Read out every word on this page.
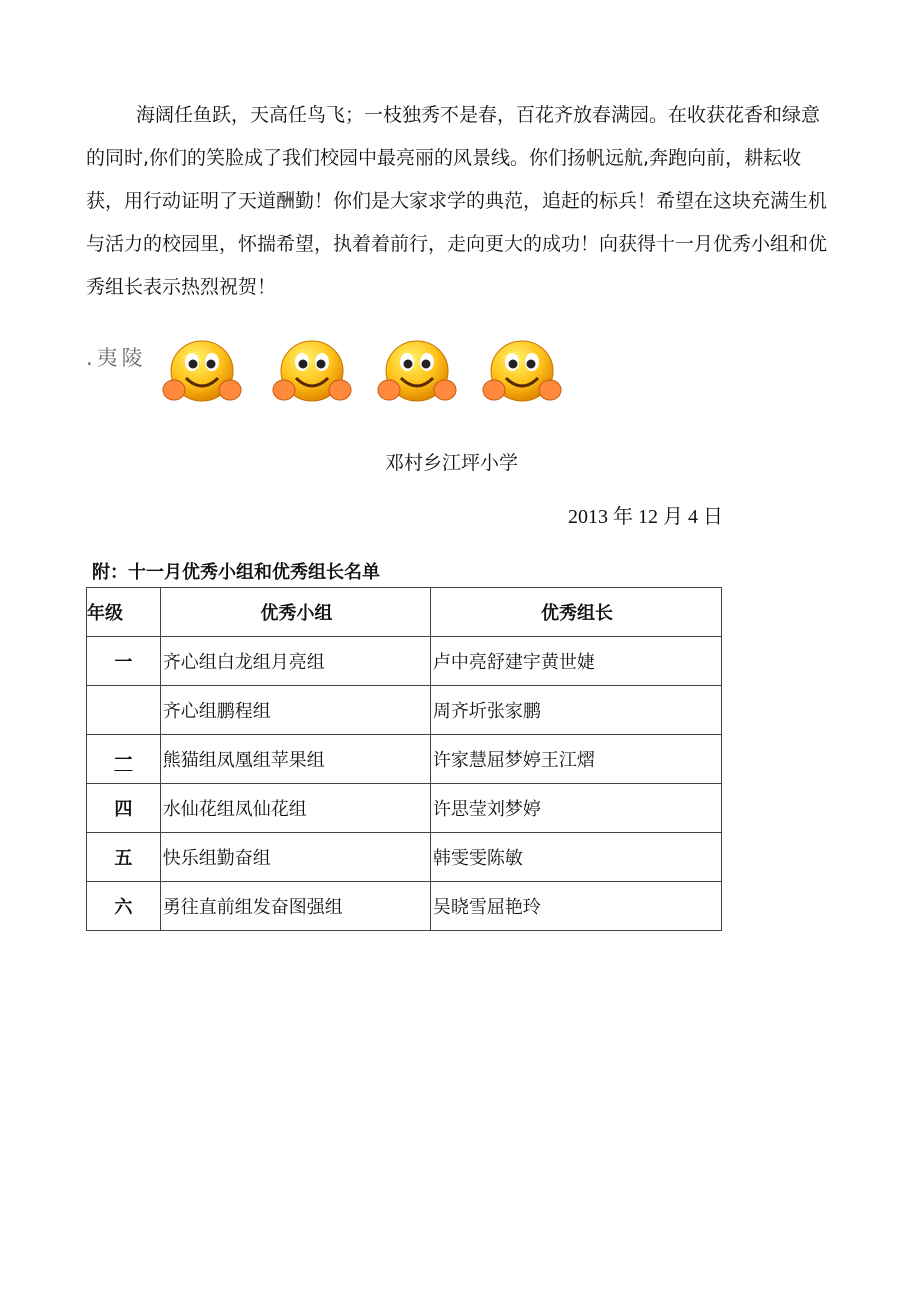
海阔任鱼跃，天高任鸟飞；一枝独秀不是春，百花齐放春满园。在收获花香和绿意的同时,你们的笑脸成了我们校园中最亮丽的风景线。你们扬帆远航,奔跑向前，耕耘收获，用行动证明了天道酬勤！你们是大家求学的典范，追赶的标兵！希望在这块充满生机与活力的校园里，怀揣希望，执着着前行，走向更大的成功！向获得十一月优秀小组和优秀组长表示热烈祝贺！

.夷陵

邓村乡江坪小学

2013 年 12 月 4 日

附：十一月优秀小组和优秀组长名单

年级	优秀小组	优秀组长
一	齐心组白龙组月亮组	卢中亮舒建宇黄世婕
	齐心组鹏程组	周齐圻张家鹏
一	熊猫组凤凰组苹果组	许家慧屈梦婷王江熠
四	水仙花组凤仙花组	许思莹刘梦婷
五	快乐组勤奋组	韩雯雯陈敏
六	勇往直前组发奋图强组	吴晓雪屈艳玲
